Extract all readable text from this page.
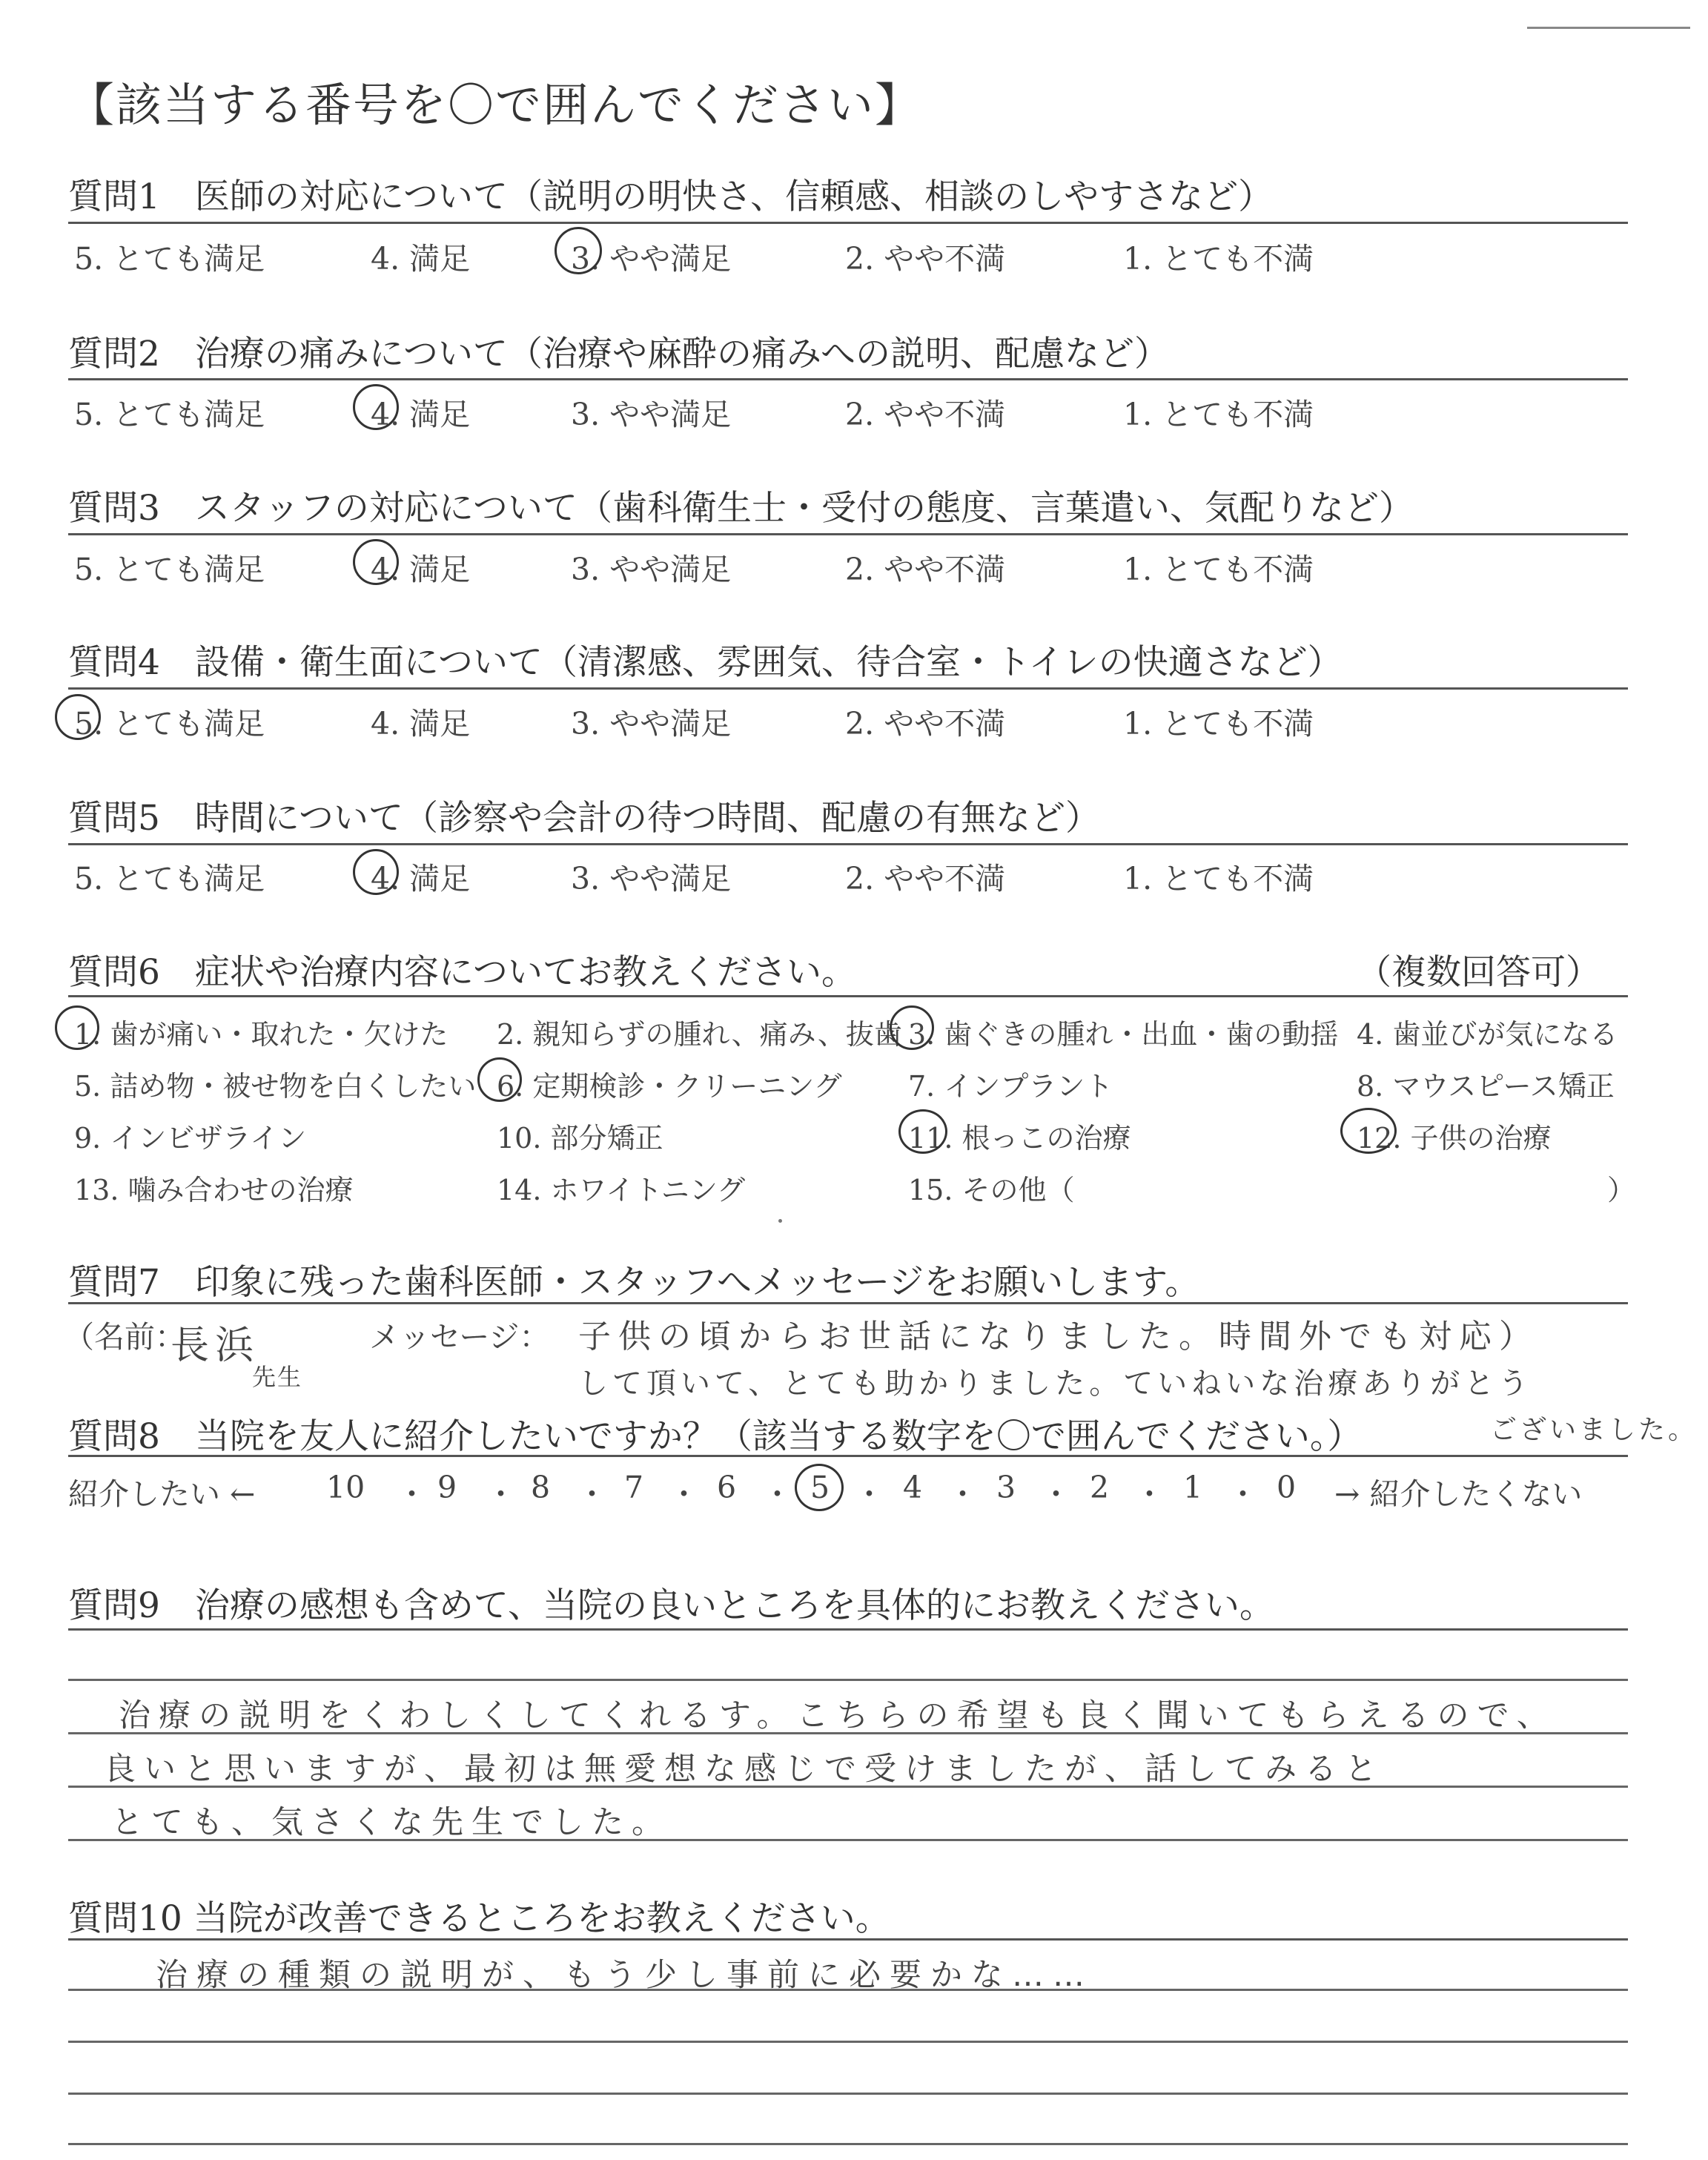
【該当する番号を〇で囲んでください】
質問1　医師の対応について（説明の明快さ、信頼感、相談のしやすさなど）
5. とても満足	4. 満足	3. やや満足	2. やや不満	1. とても不満
質問2　治療の痛みについて（治療や麻酔の痛みへの説明、配慮など）
5. とても満足	4. 満足	3. やや満足	2. やや不満	1. とても不満
質問3　スタッフの対応について（歯科衛生士・受付の態度、言葉遣い、気配りなど）
5. とても満足	4. 満足	3. やや満足	2. やや不満	1. とても不満
質問4　設備・衛生面について（清潔感、雰囲気、待合室・トイレの快適さなど）
5. とても満足	4. 満足	3. やや満足	2. やや不満	1. とても不満
質問5　時間について（診察や会計の待つ時間、配慮の有無など）
5. とても満足	4. 満足	3. やや満足	2. やや不満	1. とても不満
質問6　症状や治療内容についてお教えください。	（複数回答可）
1. 歯が痛い・取れた・欠けた 2. 親知らずの腫れ、痛み、抜歯 3. 歯ぐきの腫れ・出血・歯の動揺 4. 歯並びが気になる
5. 詰め物・被せ物を白くしたい 6. 定期検診・クリーニング 7. インプラント	8. マウスピース矯正
9. インビザライン	10. 部分矯正	11. 根っこの治療	12. 子供の治療
13. 噛み合わせの治療	14. ホワイトニング	15. その他（	）
質問7　印象に残った歯科医師・スタッフへメッセージをお願いします。
（名前：
長浜
先生
メッセージ： 子供の頃からお世話になりました。時間外でも対応）
して頂いて、とても助かりました。ていねいな治療ありがとう
ございました。
質問8　当院を友人に紹介したいですか？（該当する数字を〇で囲んでください。）
紹介したい ← 10 ・ 9 ・ 8 ・ 7 ・ 6 ・ 5 ・ 4 ・ 3 ・ 2 ・ 1 ・ 0 → 紹介したくない
質問9　治療の感想も含めて、当院の良いところを具体的にお教えください。
治療の説明をくわしくしてくれるす。こちらの希望も良く聞いてもらえるので、
良いと思いますが、最初は無愛想な感じで受けましたが、話してみると
とても、気さくな先生でした。
質問10 当院が改善できるところをお教えください。
治療の種類の説明が、もう少し事前に必要かな……
